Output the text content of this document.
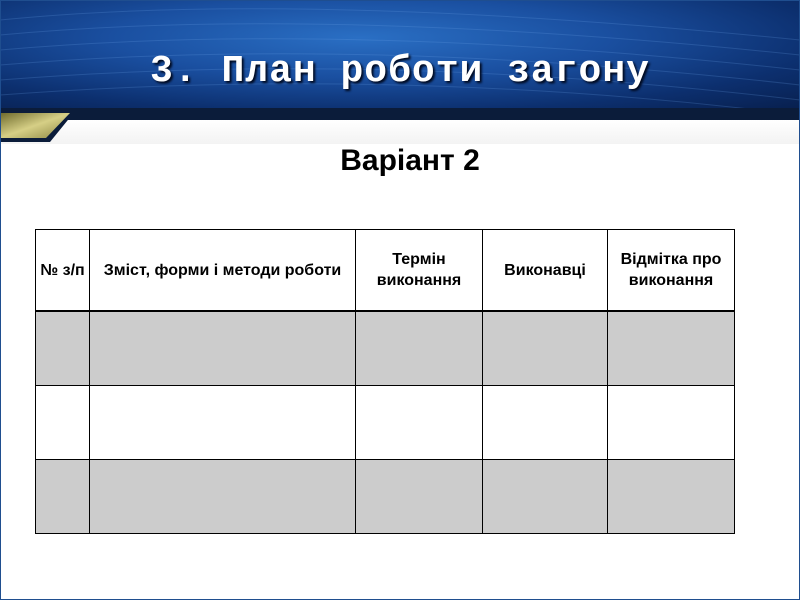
3. План роботи загону
Варіант 2
№ з/п	Зміст, форми і методи роботи	Термін виконання	Виконавці	Відмітка про виконання
